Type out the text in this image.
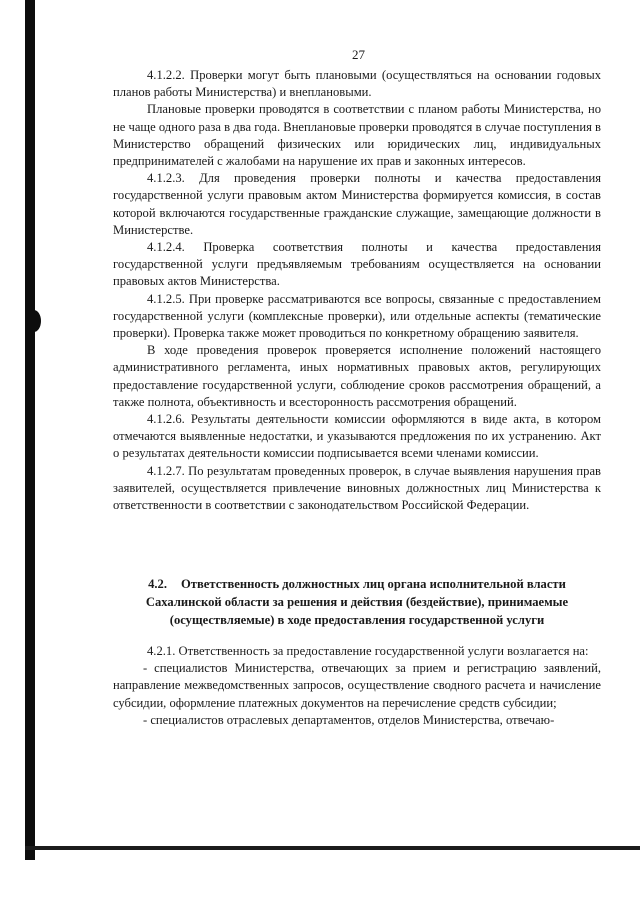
27

4.1.2.2. Проверки могут быть плановыми (осуществляться на основании годовых планов работы Министерства) и внеплановыми.

Плановые проверки проводятся в соответствии с планом работы Министерства, но не чаще одного раза в два года. Внеплановые проверки проводятся в случае поступления в Министерство обращений физических или юридических лиц, индивидуальных предпринимателей с жалобами на нарушение их прав и законных интересов.

4.1.2.3. Для проведения проверки полноты и качества предоставления государственной услуги правовым актом Министерства формируется комиссия, в состав которой включаются государственные гражданские служащие, замещающие должности в Министерстве.

4.1.2.4. Проверка соответствия полноты и качества предоставления государственной услуги предъявляемым требованиям осуществляется на основании правовых актов Министерства.

4.1.2.5. При проверке рассматриваются все вопросы, связанные с предоставлением государственной услуги (комплексные проверки), или отдельные аспекты (тематические проверки). Проверка также может проводиться по конкретному обращению заявителя.

В ходе проведения проверок проверяется исполнение положений настоящего административного регламента, иных нормативных правовых актов, регулирующих предоставление государственной услуги, соблюдение сроков рассмотрения обращений, а также полнота, объективность и всесторонность рассмотрения обращений.

4.1.2.6. Результаты деятельности комиссии оформляются в виде акта, в котором отмечаются выявленные недостатки, и указываются предложения по их устранению. Акт о результатах деятельности комиссии подписывается всеми членами комиссии.

4.1.2.7. По результатам проведенных проверок, в случае выявления нарушения прав заявителей, осуществляется привлечение виновных должностных лиц Министерства к ответственности в соответствии с законодательством Российской Федерации.

4.2. Ответственность должностных лиц органа исполнительной власти Сахалинской области за решения и действия (бездействие), принимаемые (осуществляемые) в ходе предоставления государственной услуги

4.2.1. Ответственность за предоставление государственной услуги возлагается на:

- специалистов Министерства, отвечающих за прием и регистрацию заявлений, направление межведомственных запросов, осуществление сводного расчета и начисление субсидии, оформление платежных документов на перечисление средств субсидии;

- специалистов отраслевых департаментов, отделов Министерства, отвечаю-
